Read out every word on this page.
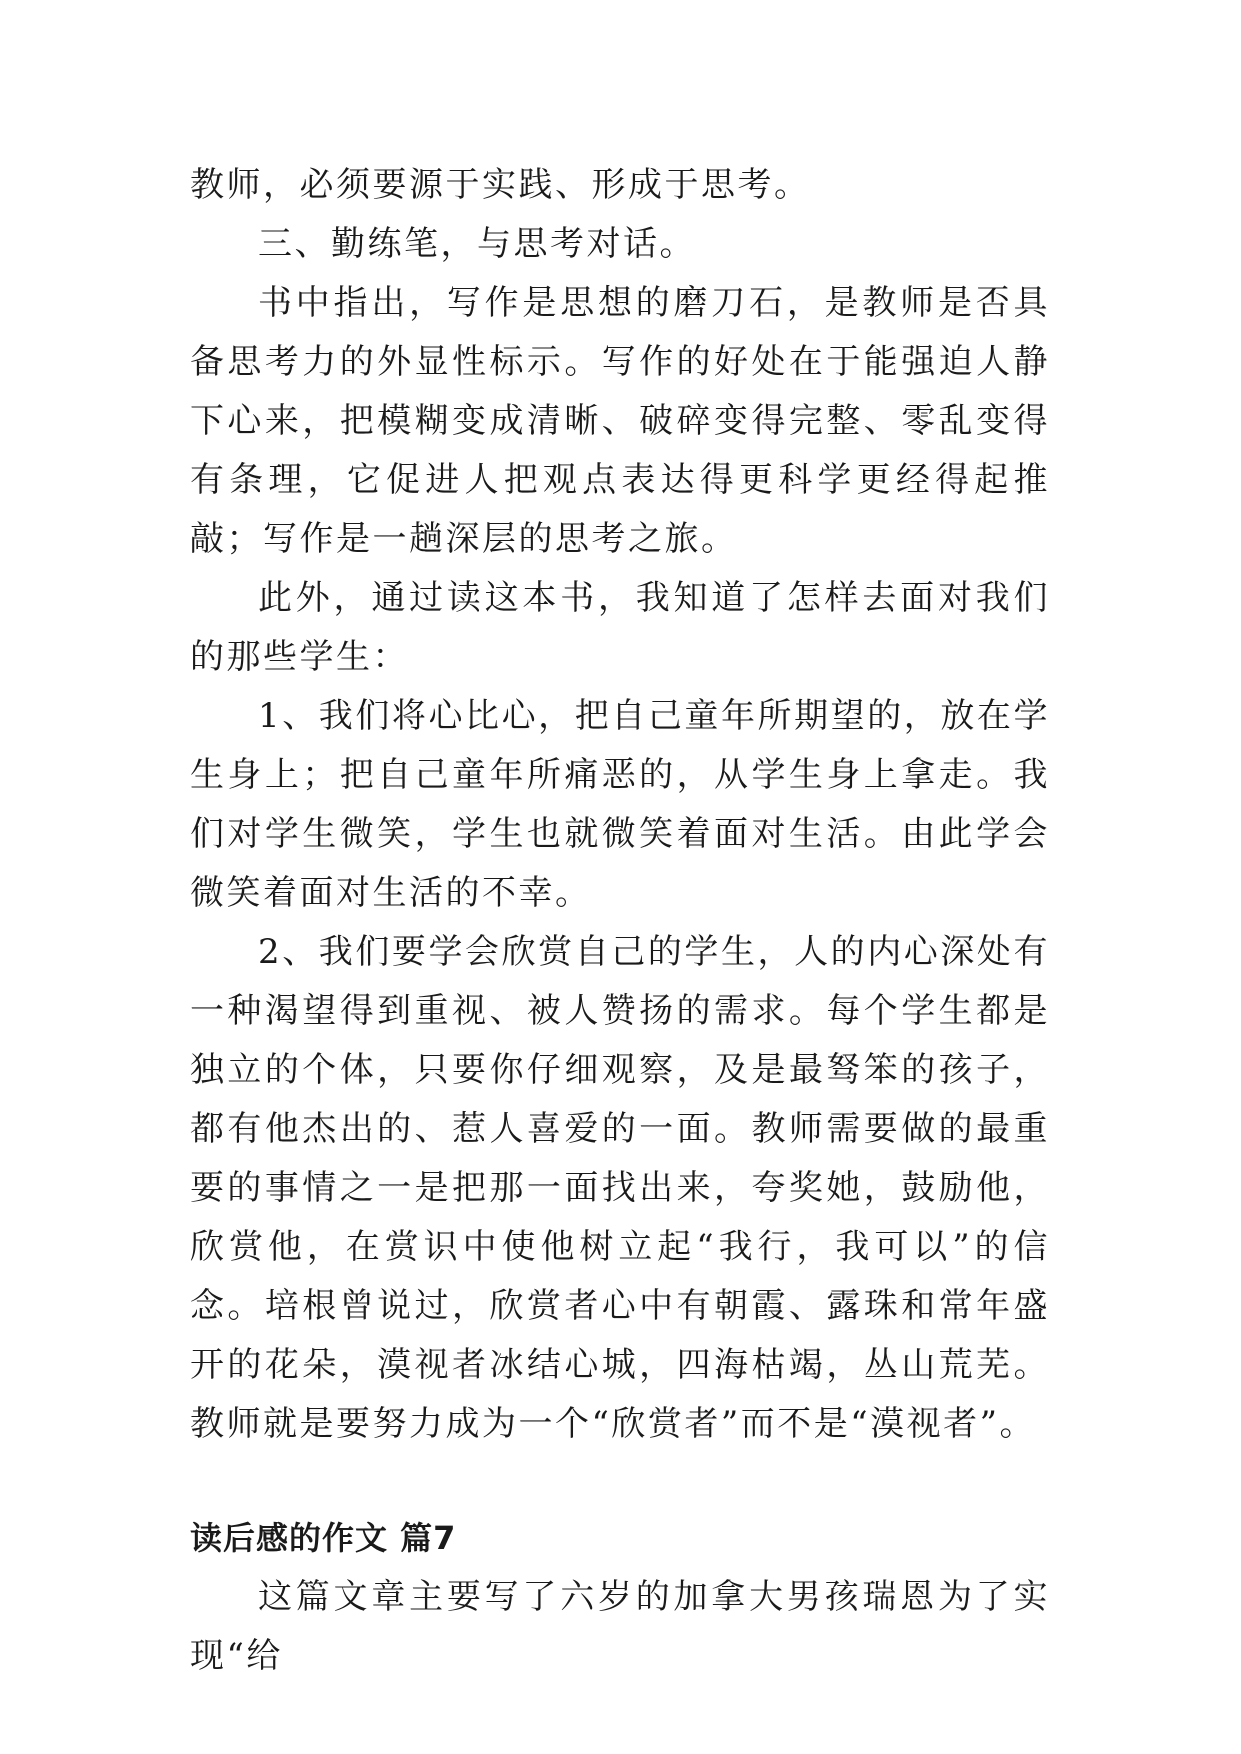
教师，必须要源于实践、形成于思考。

三、勤练笔，与思考对话。

书中指出，写作是思想的磨刀石，是教师是否具备思考力的外显性标示。写作的好处在于能强迫人静下心来，把模糊变成清晰、破碎变得完整、零乱变得有条理，它促进人把观点表达得更科学更经得起推敲；写作是一趟深层的思考之旅。

此外，通过读这本书，我知道了怎样去面对我们的那些学生：

1、我们将心比心，把自己童年所期望的，放在学生身上；把自己童年所痛恶的，从学生身上拿走。我们对学生微笑，学生也就微笑着面对生活。由此学会微笑着面对生活的不幸。

2、我们要学会欣赏自己的学生，人的内心深处有一种渴望得到重视、被人赞扬的需求。每个学生都是独立的个体，只要你仔细观察，及是最驽笨的孩子，都有他杰出的、惹人喜爱的一面。教师需要做的最重要的事情之一是把那一面找出来，夸奖她，鼓励他，欣赏他，在赏识中使他树立起“我行，我可以”的信念。培根曾说过，欣赏者心中有朝霞、露珠和常年盛开的花朵，漠视者冰结心城，四海枯竭，丛山荒芜。教师就是要努力成为一个“欣赏者”而不是“漠视者”。

读后感的作文 篇7

这篇文章主要写了六岁的加拿大男孩瑞恩为了实现“给
